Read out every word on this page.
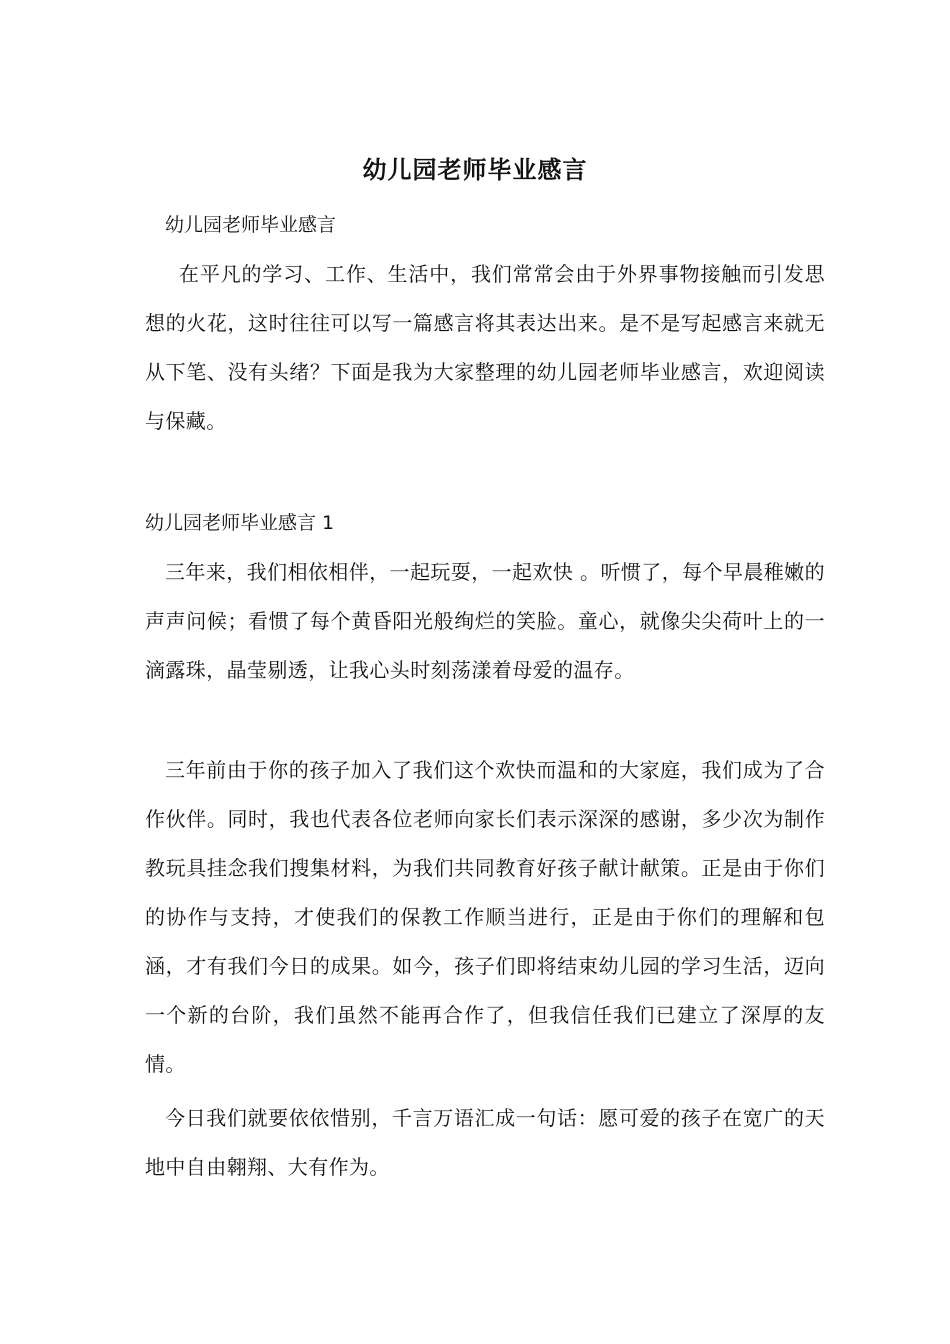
幼儿园老师毕业感言
幼儿园老师毕业感言

在平凡的学习、工作、生活中，我们常常会由于外界事物接触而引发思想的火花，这时往往可以写一篇感言将其表达出来。是不是写起感言来就无从下笔、没有头绪？下面是我为大家整理的幼儿园老师毕业感言，欢迎阅读与保藏。

幼儿园老师毕业感言 1

三年来，我们相依相伴，一起玩耍，一起欢快 。听惯了，每个早晨稚嫩的声声问候；看惯了每个黄昏阳光般绚烂的笑脸。童心，就像尖尖荷叶上的一滴露珠，晶莹剔透，让我心头时刻荡漾着母爱的温存。

三年前由于你的孩子加入了我们这个欢快而温和的大家庭，我们成为了合作伙伴。同时，我也代表各位老师向家长们表示深深的感谢，多少次为制作教玩具挂念我们搜集材料，为我们共同教育好孩子献计献策。正是由于你们的协作与支持，才使我们的保教工作顺当进行，正是由于你们的理解和包涵，才有我们今日的成果。如今，孩子们即将结束幼儿园的学习生活，迈向一个新的台阶，我们虽然不能再合作了，但我信任我们已建立了深厚的友情。

今日我们就要依依惜别，千言万语汇成一句话：愿可爱的孩子在宽广的天地中自由翱翔、大有作为。
